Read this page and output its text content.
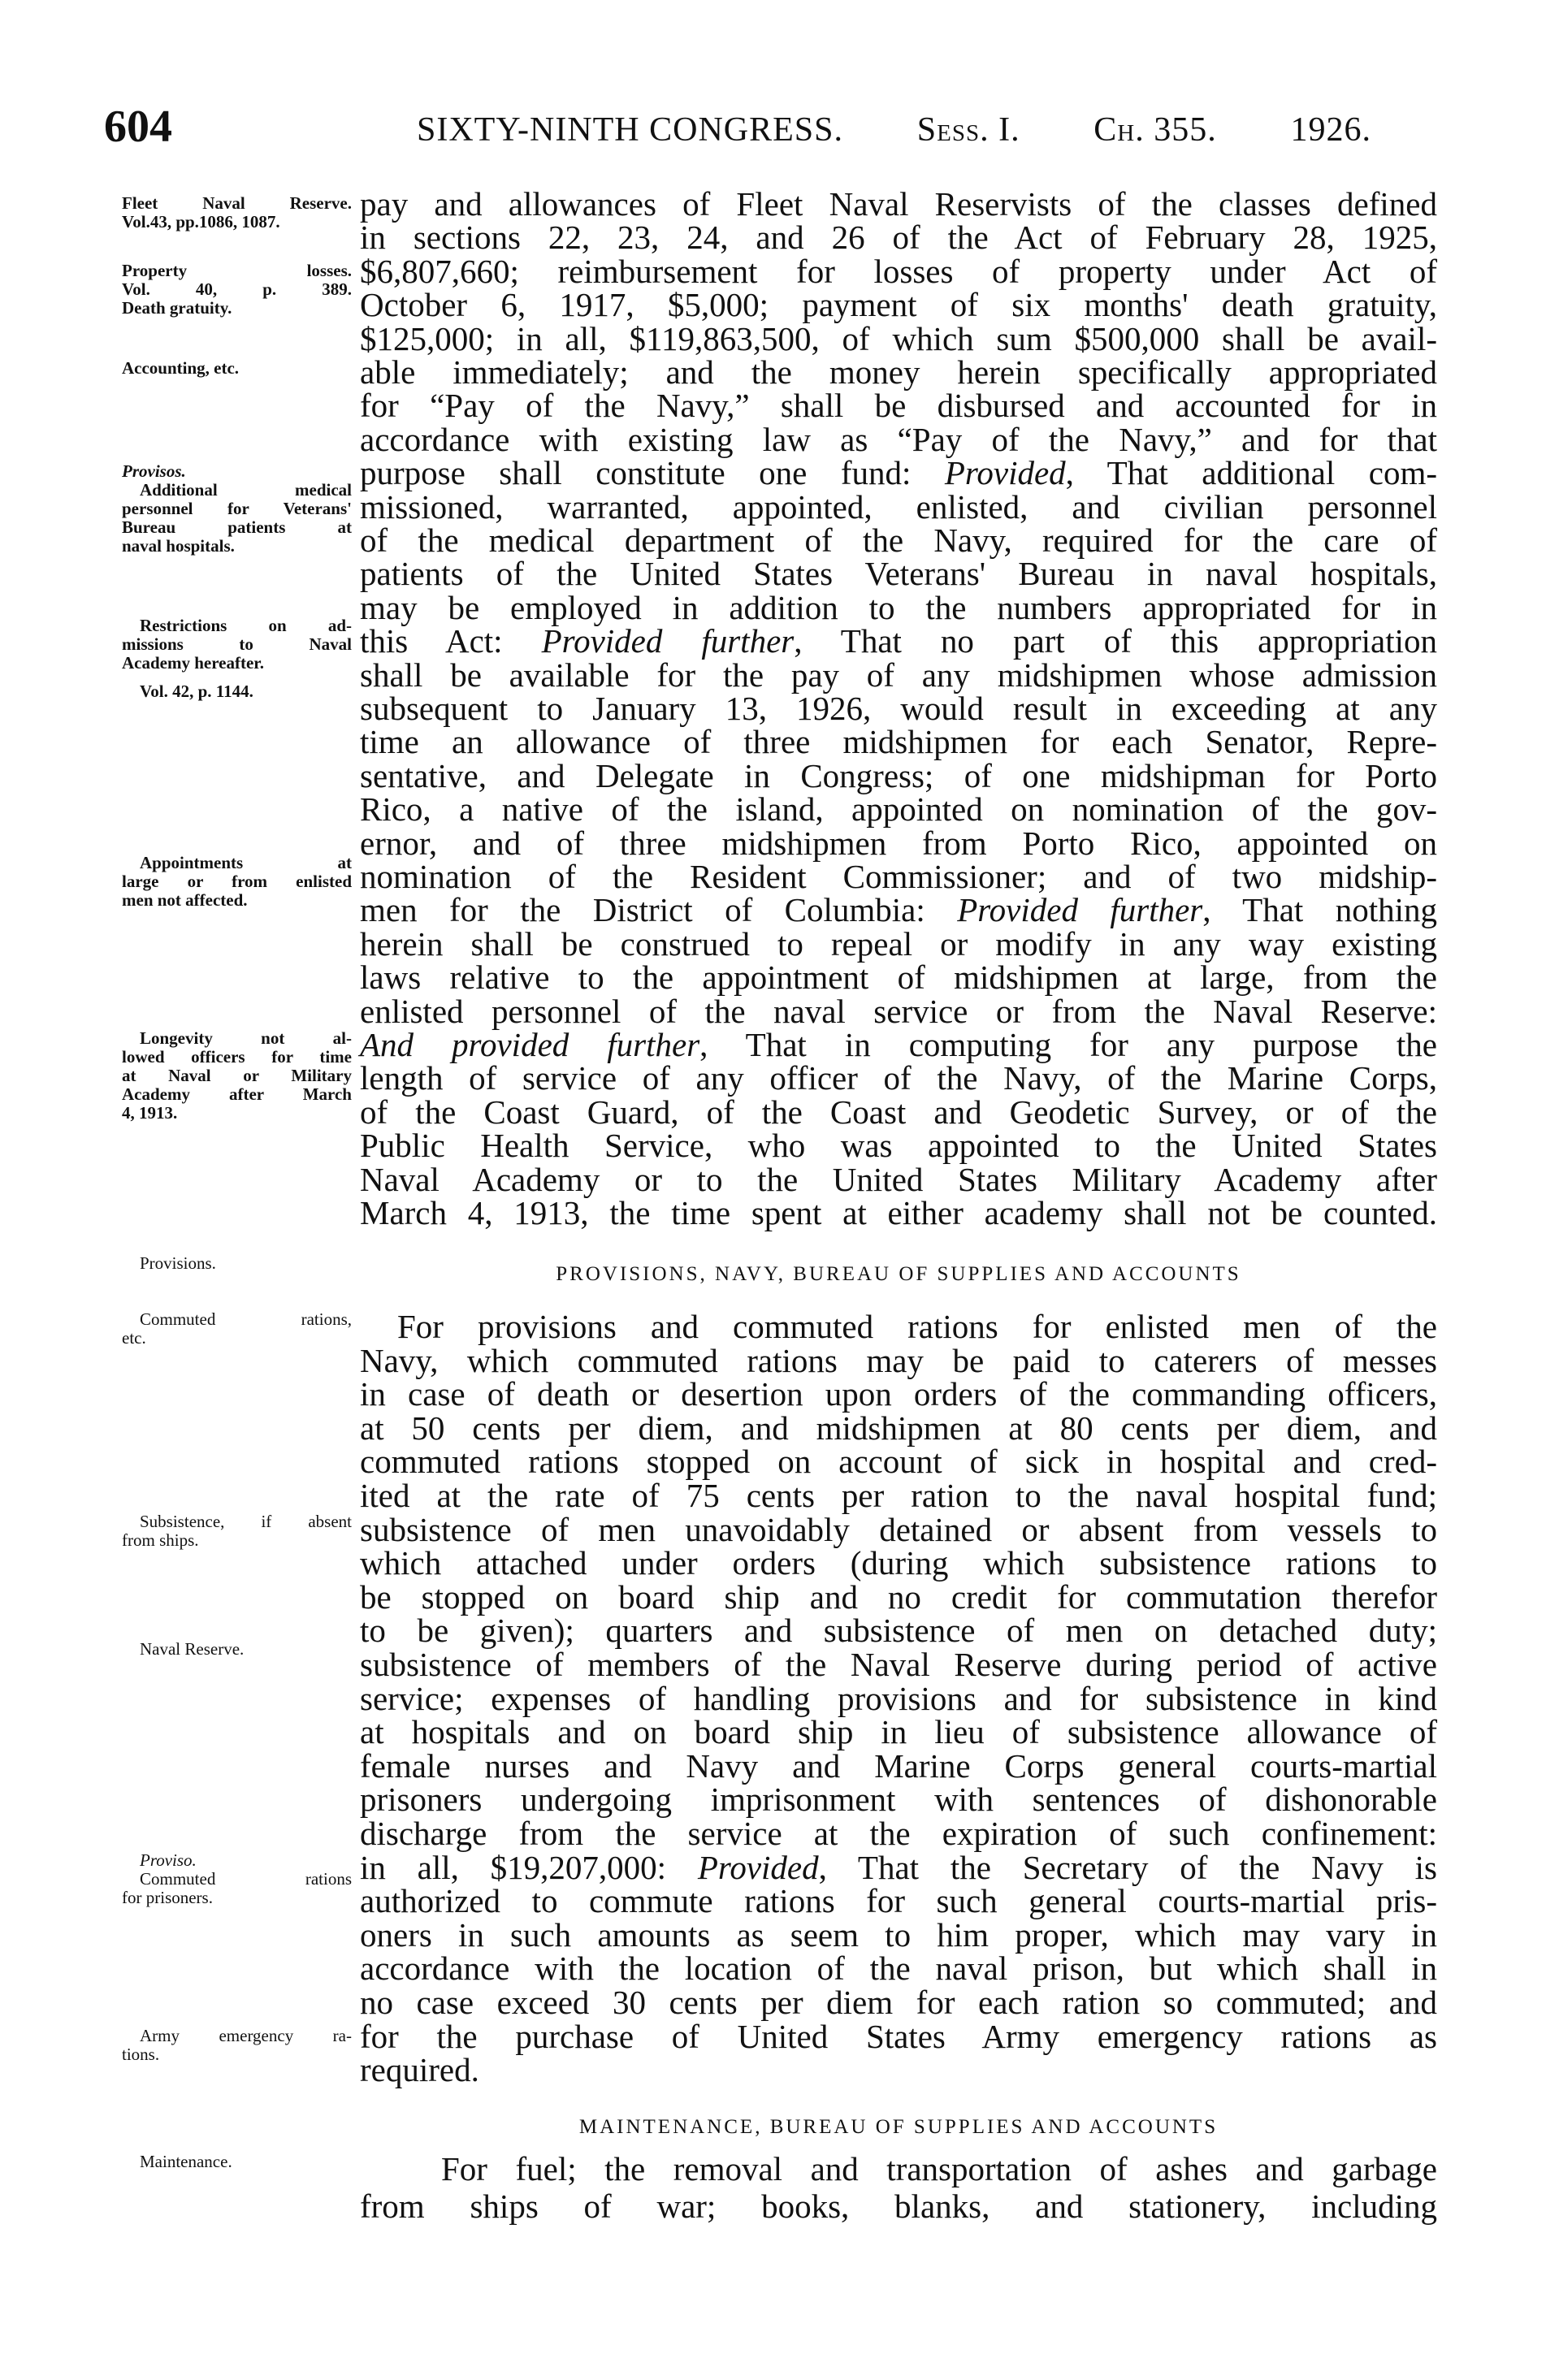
604	SIXTY-NINTH CONGRESS. Sess. I. Ch. 355. 1926.
pay and allowances of Fleet Naval Reservists of the classes defined
in sections 22, 23, 24, and 26 of the Act of February 28, 1925,
$6,807,660; reimbursement for losses of property under Act of
October 6, 1917, $5,000; payment of six months' death gratuity,
$125,000; in all, $119,863,500, of which sum $500,000 shall be avail-
able immediately; and the money herein specifically appropriated
for “Pay of the Navy,” shall be disbursed and accounted for in
accordance with existing law as “Pay of the Navy,” and for that
purpose shall constitute one fund: Provided, That additional com-
missioned, warranted, appointed, enlisted, and civilian personnel
of the medical department of the Navy, required for the care of
patients of the United States Veterans' Bureau in naval hospitals,
may be employed in addition to the numbers appropriated for in
this Act: Provided further, That no part of this appropriation
shall be available for the pay of any midshipmen whose admission
subsequent to January 13, 1926, would result in exceeding at any
time an allowance of three midshipmen for each Senator, Repre-
sentative, and Delegate in Congress; of one midshipman for Porto
Rico, a native of the island, appointed on nomination of the gov-
ernor, and of three midshipmen from Porto Rico, appointed on
nomination of the Resident Commissioner; and of two midship-
men for the District of Columbia: Provided further, That nothing
herein shall be construed to repeal or modify in any way existing
laws relative to the appointment of midshipmen at large, from the
enlisted personnel of the naval service or from the Naval Reserve:
And provided further, That in computing for any purpose the
length of service of any officer of the Navy, of the Marine Corps,
of the Coast Guard, of the Coast and Geodetic Survey, or of the
Public Health Service, who was appointed to the United States
Naval Academy or to the United States Military Academy after
March 4, 1913, the time spent at either academy shall not be counted.
PROVISIONS, NAVY, BUREAU OF SUPPLIES AND ACCOUNTS
For provisions and commuted rations for enlisted men of the
Navy, which commuted rations may be paid to caterers of messes
in case of death or desertion upon orders of the commanding officers,
at 50 cents per diem, and midshipmen at 80 cents per diem, and
commuted rations stopped on account of sick in hospital and cred-
ited at the rate of 75 cents per ration to the naval hospital fund;
subsistence of men unavoidably detained or absent from vessels to
which attached under orders (during which subsistence rations to
be stopped on board ship and no credit for commutation therefor
to be given); quarters and subsistence of men on detached duty;
subsistence of members of the Naval Reserve during period of active
service; expenses of handling provisions and for subsistence in kind
at hospitals and on board ship in lieu of subsistence allowance of
female nurses and Navy and Marine Corps general courts-martial
prisoners undergoing imprisonment with sentences of dishonorable
discharge from the service at the expiration of such confinement:
in all, $19,207,000: Provided, That the Secretary of the Navy is
authorized to commute rations for such general courts-martial pris-
oners in such amounts as seem to him proper, which may vary in
accordance with the location of the naval prison, but which shall in
no case exceed 30 cents per diem for each ration so commuted; and
for the purchase of United States Army emergency rations as
required.
MAINTENANCE, BUREAU OF SUPPLIES AND ACCOUNTS
For fuel; the removal and transportation of ashes and garbage
from ships of war; books, blanks, and stationery, including
Fleet Naval Reserve.
Vol.43, pp.1086, 1087.
Property losses.
Vol. 40, p. 389.
Death gratuity.
Accounting, etc.
Provisos.
Additional medical
personnel for Veterans'
Bureau patients at
naval hospitals.
Restrictions on ad-
missions to Naval
Academy hereafter.
Vol. 42, p. 1144.
Appointments at
large or from enlisted
men not affected.
Longevity not al-
lowed officers for time
at Naval or Military
Academy after March
4, 1913.
Provisions.
Commuted rations,
etc.
Subsistence, if absent
from ships.
Naval Reserve.
Proviso.
Commuted rations
for prisoners.
Army emergency ra-
tions.
Maintenance.
